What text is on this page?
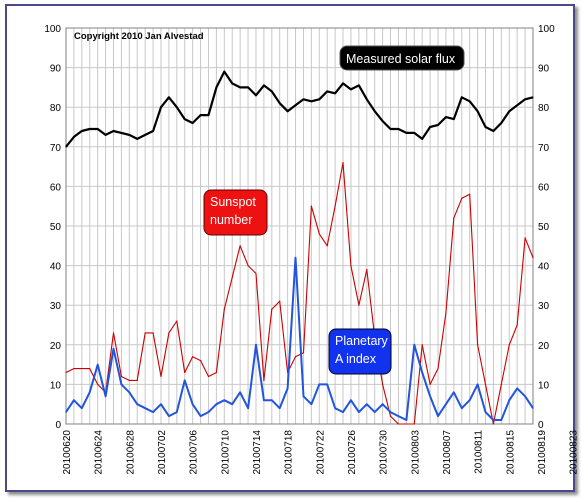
0
10
20
30
40
50
60
70
80
90
100
0
10
20
30
40
50
60
70
80
90
100
20100620 20100624 20100628 20100702 20100706 20100710 20100714 20100718 20100722 20100726 20100730 20100803 20100807 20100811 20100815 20100819 20100823
Copyright 2010 Jan Alvestad
Measured solar flux
Sunspot number
Planetary A index
